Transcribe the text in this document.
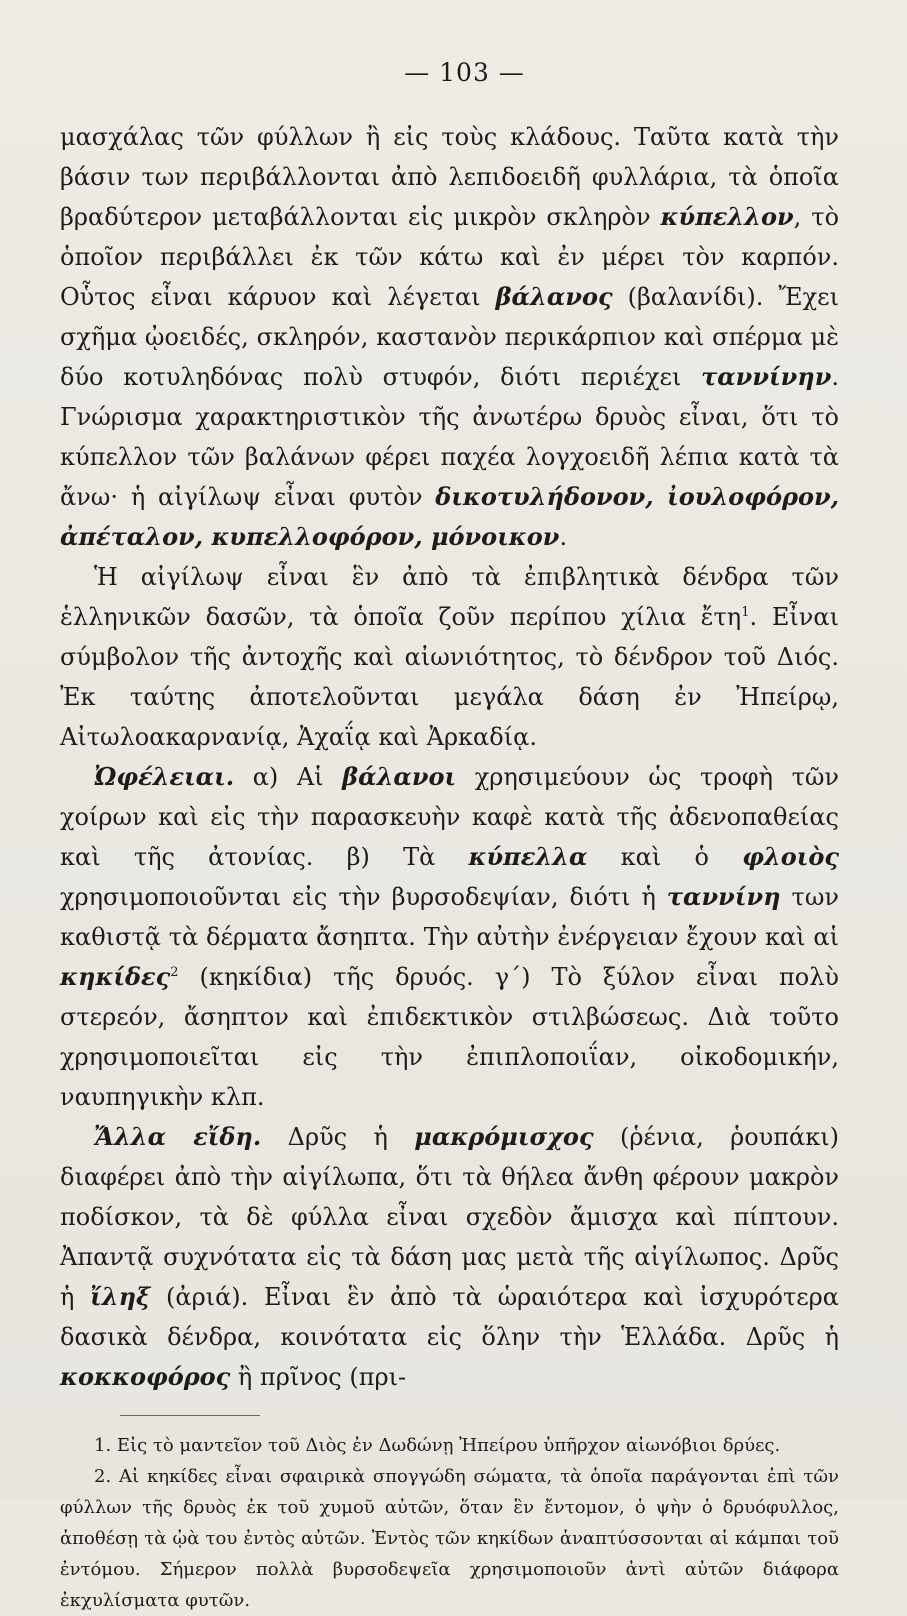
— 103 —

μασχάλας τῶν φύλλων ἢ εἰς τοὺς κλάδους. Ταῦτα κατὰ τὴν βάσιν των περιβάλλονται ἀπὸ λεπιδοειδῆ φυλλάρια, τὰ ὁποῖα βραδύτερον μεταβάλλονται εἰς μικρὸν σκληρὸν κύπελλον, τὸ ὁποῖον περιβάλλει ἐκ τῶν κάτω καὶ ἐν μέρει τὸν καρπόν. Οὗτος εἶναι κάρυον καὶ λέγεται βάλανος (βαλανίδι). Ἔχει σχῆμα ᾠοειδές, σκληρόν, καστανὸν περικάρπιον καὶ σπέρμα μὲ δύο κοτυληδόνας πολὺ στυφόν, διότι περιέχει ταννίνην. Γνώρισμα χαρακτηριστικὸν τῆς ἀνωτέρω δρυὸς εἶναι, ὅτι τὸ κύπελλον τῶν βαλάνων φέρει παχέα λογχοειδῆ λέπια κατὰ τὰ ἄνω· ἡ αἰγίλωψ εἶναι φυτὸν δικοτυλήδονον, ἰουλοφόρον, ἀπέταλον, κυπελλοφόρον, μόνοικον.

Ἡ αἰγίλωψ εἶναι ἓν ἀπὸ τὰ ἐπιβλητικὰ δένδρα τῶν ἑλληνικῶν δασῶν, τὰ ὁποῖα ζοῦν περίπου χίλια ἔτη$^1$. Εἶναι σύμβολον τῆς ἀντοχῆς καὶ αἰωνιότητος, τὸ δένδρον τοῦ Διός. Ἐκ ταύτης ἀποτελοῦνται μεγάλα δάση ἐν Ἠπείρῳ, Αἰτωλοακαρνανίᾳ, Ἀχαΐᾳ καὶ Ἀρκαδίᾳ.

Ὠφέλειαι. α) Αἱ βάλανοι χρησιμεύουν ὡς τροφὴ τῶν χοίρων καὶ εἰς τὴν παρασκευὴν καφὲ κατὰ τῆς ἀδενοπαθείας καὶ τῆς ἀτονίας. β) Τὰ κύπελλα καὶ ὁ φλοιὸς χρησιμοποιοῦνται εἰς τὴν βυρσοδεψίαν, διότι ἡ ταννίνη των καθιστᾷ τὰ δέρματα ἄσηπτα. Τὴν αὐτὴν ἐνέργειαν ἔχουν καὶ αἱ κηκίδες$^2$ (κηκίδια) τῆς δρυός. γ΄) Τὸ ξύλον εἶναι πολὺ στερεόν, ἄσηπτον καὶ ἐπιδεκτικὸν στιλβώσεως. Διὰ τοῦτο χρησιμοποιεῖται εἰς τὴν ἐπιπλοποιΐαν, οἰκοδομικήν, ναυπηγικὴν κλπ.

Ἄλλα εἴδη. Δρῦς ἡ μακρόμισχος (ῥένια, ῥουπάκι) διαφέρει ἀπὸ τὴν αἰγίλωπα, ὅτι τὰ θήλεα ἄνθη φέρουν μακρὸν ποδίσκον, τὰ δὲ φύλλα εἶναι σχεδὸν ἄμισχα καὶ πίπτουν. Ἀπαντᾷ συχνότατα εἰς τὰ δάση μας μετὰ τῆς αἰγίλωπος. Δρῦς ἡ ἴληξ (ἀριά). Εἶναι ἓν ἀπὸ τὰ ὡραιότερα καὶ ἰσχυρότερα δασικὰ δένδρα, κοινότατα εἰς ὅλην τὴν Ἑλλάδα. Δρῦς ἡ κοκκοφόρος ἢ πρῖνος (πρι-

1. Εἰς τὸ μαντεῖον τοῦ Διὸς ἐν Δωδώνῃ Ἠπείρου ὑπῆρχον αἰωνόβιοι δρύες.

2. Αἱ κηκίδες εἶναι σφαιρικὰ σπογγώδη σώματα, τὰ ὁποῖα παράγονται ἐπὶ τῶν φύλλων τῆς δρυὸς ἐκ τοῦ χυμοῦ αὐτῶν, ὅταν ἓν ἔντομον, ὁ ψὴν ὁ δρυόφυλλος, ἀποθέσῃ τὰ ᾠὰ του ἐντὸς αὐτῶν. Ἐντὸς τῶν κηκίδων ἀναπτύσσονται αἱ κάμπαι τοῦ ἐντόμου. Σήμερον πολλὰ βυρσοδεψεῖα χρησιμοποιοῦν ἀντὶ αὐτῶν διάφορα ἐκχυλίσματα φυτῶν.
